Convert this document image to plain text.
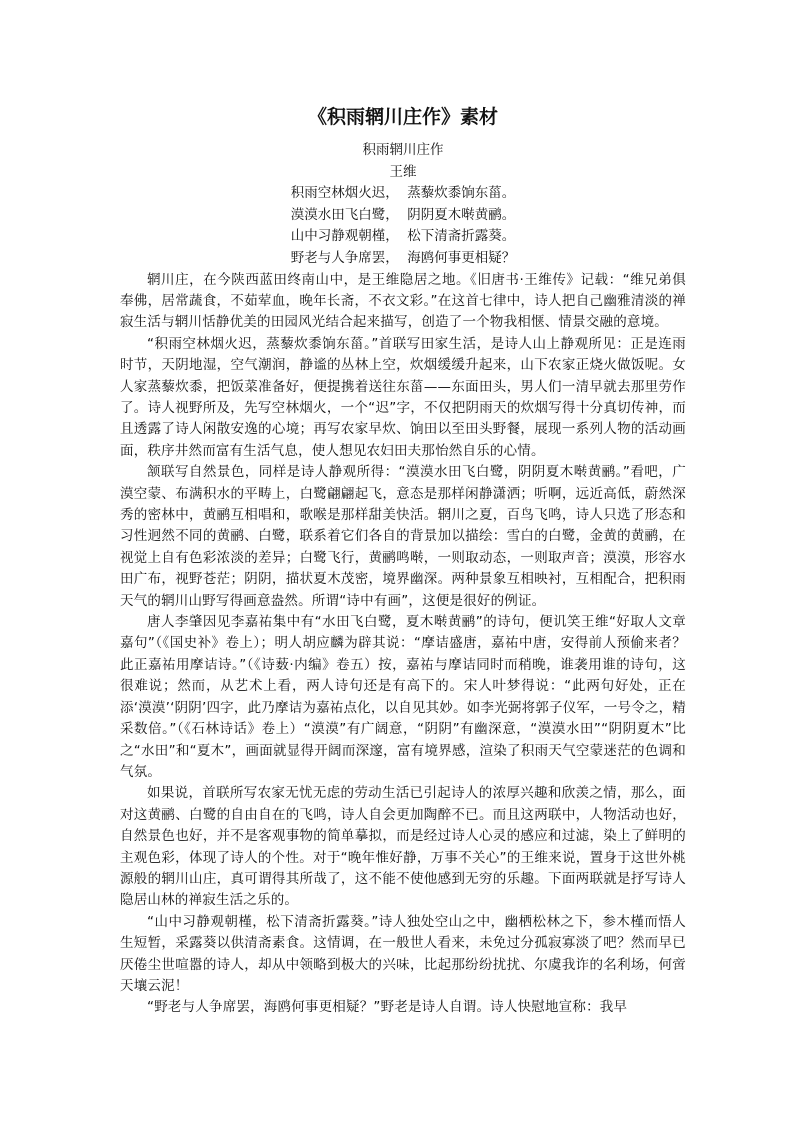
《积雨辋川庄作》素材
积雨辋川庄作
王维
积雨空林烟火迟，  蒸藜炊黍饷东菑。
漠漠水田飞白鹭，  阴阴夏木啭黄鹂。
山中习静观朝槿，  松下清斋折露葵。
野老与人争席罢，  海鸥何事更相疑？

辋川庄，在今陕西蓝田终南山中，是王维隐居之地。《旧唐书·王维传》记载：“维兄弟俱奉佛，居常蔬食，不茹荤血，晚年长斋，不衣文彩。”在这首七律中，诗人把自己幽雅清淡的禅寂生活与辋川恬静优美的田园风光结合起来描写，创造了一个物我相惬、情景交融的意境。

“积雨空林烟火迟，蒸藜炊黍饷东菑。”首联写田家生活，是诗人山上静观所见：正是连雨时节，天阴地湿，空气潮润，静谧的丛林上空，炊烟缓缓升起来，山下农家正烧火做饭呢。女人家蒸藜炊黍，把饭菜准备好，便提携着送往东菑——东面田头，男人们一清早就去那里劳作了。诗人视野所及，先写空林烟火，一个“迟”字，不仅把阴雨天的炊烟写得十分真切传神，而且透露了诗人闲散安逸的心境；再写农家早炊、饷田以至田头野餐，展现一系列人物的活动画面，秩序井然而富有生活气息，使人想见农妇田夫那怡然自乐的心情。

颔联写自然景色，同样是诗人静观所得：“漠漠水田飞白鹭，阴阴夏木啭黄鹂。”看吧，广漠空蒙、布满积水的平畴上，白鹭翩翩起飞，意态是那样闲静潇洒；听啊，远近高低，蔚然深秀的密林中，黄鹂互相唱和，歌喉是那样甜美快活。辋川之夏，百鸟飞鸣，诗人只选了形态和习性迥然不同的黄鹂、白鹭，联系着它们各自的背景加以描绘：雪白的白鹭，金黄的黄鹂，在视觉上自有色彩浓淡的差异；白鹭飞行，黄鹂鸣啭，一则取动态，一则取声音；漠漠，形容水田广布，视野苍茫；阴阴，描状夏木茂密，境界幽深。两种景象互相映衬，互相配合，把积雨天气的辋川山野写得画意盎然。所谓“诗中有画”，这便是很好的例证。

唐人李肇因见李嘉祐集中有“水田飞白鹭，夏木啭黄鹂”的诗句，便讥笑王维“好取人文章嘉句”（《国史补》卷上）；明人胡应麟为辟其说：“摩诘盛唐，嘉祐中唐，安得前人预偷来者？此正嘉祐用摩诘诗。”（《诗薮·内编》卷五）按，嘉祐与摩诘同时而稍晚，谁袭用谁的诗句，这很难说；然而，从艺术上看，两人诗句还是有高下的。宋人叶梦得说：“此两句好处，正在添‘漠漠’‘阴阴’四字，此乃摩诘为嘉祐点化，以自见其妙。如李光弼将郭子仪军，一号令之，精采数倍。”（《石林诗话》卷上）“漠漠”有广阔意，“阴阴”有幽深意，“漠漠水田”“阴阴夏木”比之“水田”和“夏木”，画面就显得开阔而深邃，富有境界感，渲染了积雨天气空蒙迷茫的色调和气氛。

如果说，首联所写农家无忧无虑的劳动生活已引起诗人的浓厚兴趣和欣羡之情，那么，面对这黄鹂、白鹭的自由自在的飞鸣，诗人自会更加陶醉不已。而且这两联中，人物活动也好，自然景色也好，并不是客观事物的简单摹拟，而是经过诗人心灵的感应和过滤，染上了鲜明的主观色彩，体现了诗人的个性。对于“晚年惟好静，万事不关心”的王维来说，置身于这世外桃源般的辋川山庄，真可谓得其所哉了，这不能不使他感到无穷的乐趣。下面两联就是抒写诗人隐居山林的禅寂生活之乐的。

“山中习静观朝槿，松下清斋折露葵。”诗人独处空山之中，幽栖松林之下，参木槿而悟人生短暂，采露葵以供清斋素食。这情调，在一般世人看来，未免过分孤寂寡淡了吧？然而早已厌倦尘世喧嚣的诗人，却从中领略到极大的兴味，比起那纷纷扰扰、尔虞我诈的名利场，何啻天壤云泥！

“野老与人争席罢，海鸥何事更相疑？”野老是诗人自谓。诗人快慰地宣称：我早
